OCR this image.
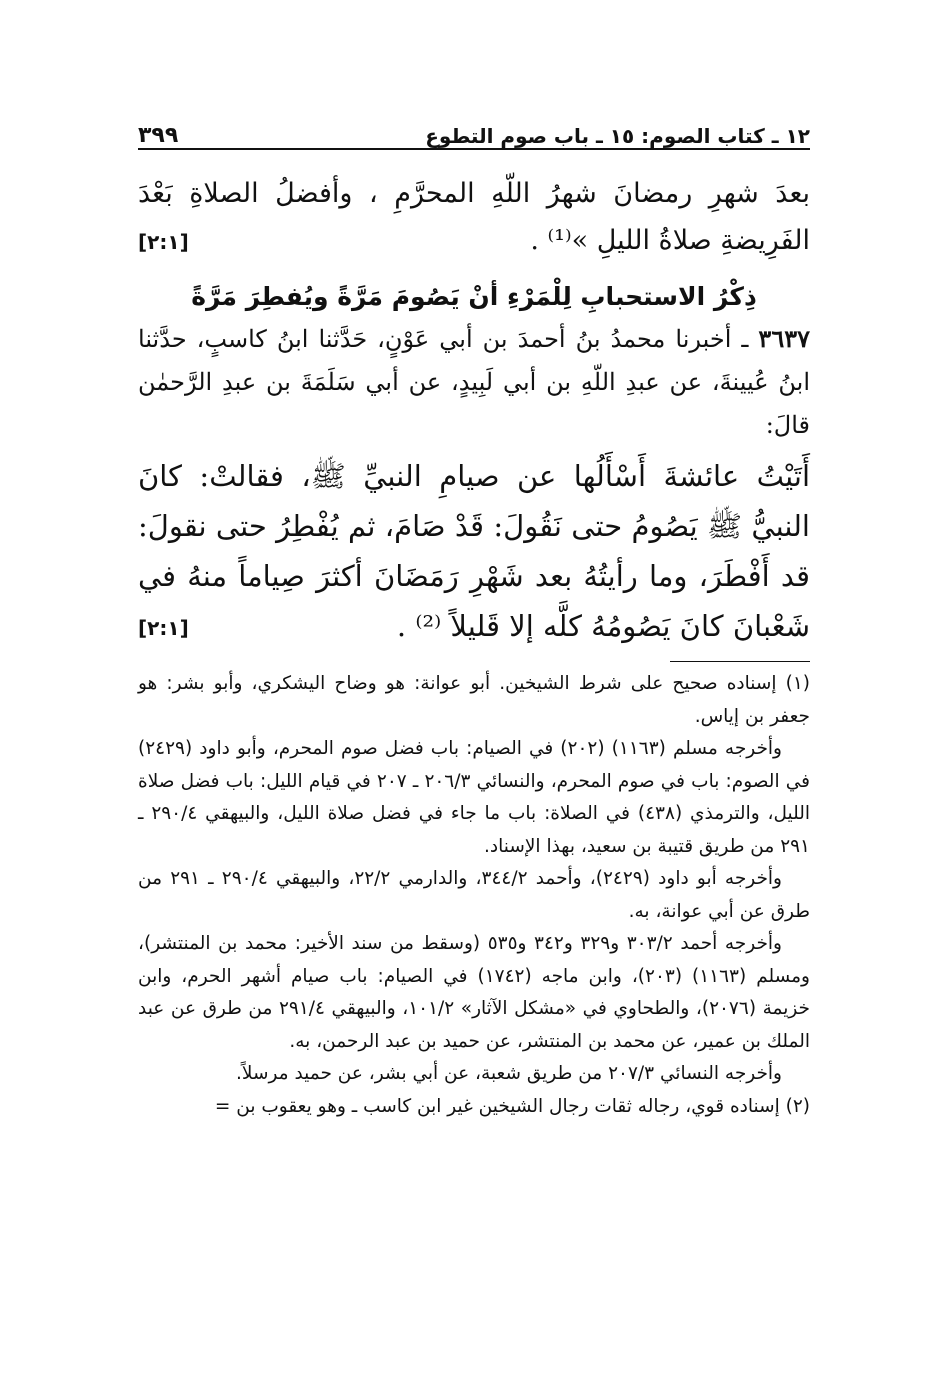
١٢ ـ كتاب الصوم: ١٥ ـ باب صوم التطوع
٣٩٩

بعدَ شهرِ رمضانَ شهرُ اللّهِ المحرَّمِ ، وأفضلُ الصلاةِ بَعْدَ الفَرِيضةِ صلاةُ الليلِ »⁽¹⁾ .
[٢:١]

ذِكْرُ الاستحبابِ لِلْمَرْءِ أنْ يَصُومَ مَرَّةً ويُفطِرَ مَرَّةً
٣٦٣٧ ـ أخبرنا محمدُ بنُ أحمدَ بن أبي عَوْنٍ، حَدَّثنا ابنُ كاسبٍ، حدَّثنا ابنُ عُيينةَ، عن عبدِ اللّهِ بن أبي لَبِيدٍ، عن أبي سَلَمَةَ بن عبدِ الرَّحمٰن قالَ:
أَتَيْتُ عائشةَ أَسْأَلُها عن صيامِ النبيِّ ﷺ، فقالتْ: كانَ النبيُّ ﷺ يَصُومُ حتى نَقُولَ: قَدْ صَامَ، ثم يُفْطِرُ حتى نقولَ: قد أَفْطَرَ، وما رأيتُهُ بعد شَهْرِ رَمَضَانَ أكثرَ صِياماً منهُ في شَعْبانَ كانَ يَصُومُهُ كلَّه إلا قَليلاً ⁽²⁾ .
[٢:١]

(١) إسناده صحيح على شرط الشيخين. أبو عوانة: هو وضاح اليشكري، وأبو بشر: هو جعفر بن إياس.

وأخرجه مسلم (١١٦٣) (٢٠٢) في الصيام: باب فضل صوم المحرم، وأبو داود (٢٤٢٩) في الصوم: باب في صوم المحرم، والنسائي ٢٠٦/٣ ـ ٢٠٧ في قيام الليل: باب فضل صلاة الليل، والترمذي (٤٣٨) في الصلاة: باب ما جاء في فضل صلاة الليل، والبيهقي ٢٩٠/٤ ـ ٢٩١ من طريق قتيبة بن سعيد، بهذا الإسناد.

وأخرجه أبو داود (٢٤٢٩)، وأحمد ٣٤٤/٢، والدارمي ٢٢/٢، والبيهقي ٢٩٠/٤ ـ ٢٩١ من طرق عن أبي عوانة، به.

وأخرجه أحمد ٣٠٣/٢ و٣٢٩ و٣٤٢ و٥٣٥ (وسقط من سند الأخير: محمد بن المنتشر)، ومسلم (١١٦٣) (٢٠٣)، وابن ماجه (١٧٤٢) في الصيام: باب صيام أشهر الحرم، وابن خزيمة (٢٠٧٦)، والطحاوي في «مشكل الآثار» ١٠١/٢، والبيهقي ٢٩١/٤ من طرق عن عبد الملك بن عمير، عن محمد بن المنتشر، عن حميد بن عبد الرحمن، به.

وأخرجه النسائي ٢٠٧/٣ من طريق شعبة، عن أبي بشر، عن حميد مرسلاً.

(٢) إسناده قوي، رجاله ثقات رجال الشيخين غير ابن كاسب ـ وهو يعقوب بن =
